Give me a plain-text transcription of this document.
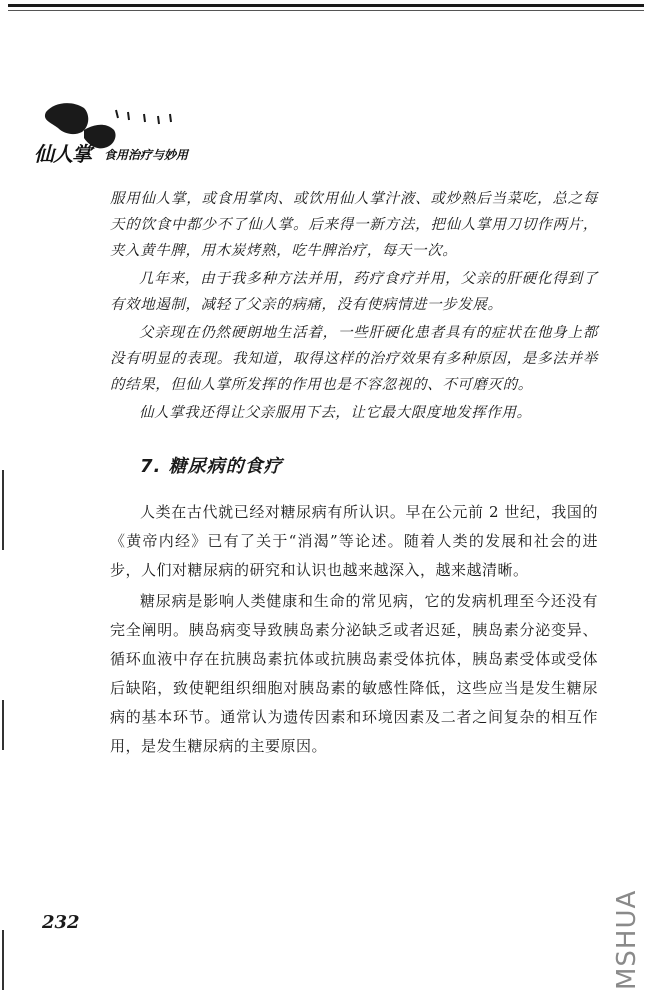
仙人掌 食用治疗与妙用

服用仙人掌，或食用掌肉、或饮用仙人掌汁液、或炒熟后当菜吃，总之每天的饮食中都少不了仙人掌。后来得一新方法，把仙人掌用刀切作两片，夹入黄牛脾，用木炭烤熟，吃牛脾治疗，每天一次。

几年来，由于我多种方法并用，药疗食疗并用，父亲的肝硬化得到了有效地遏制，减轻了父亲的病痛，没有使病情进一步发展。

父亲现在仍然硬朗地生活着，一些肝硬化患者具有的症状在他身上都没有明显的表现。我知道，取得这样的治疗效果有多种原因，是多法并举的结果，但仙人掌所发挥的作用也是不容忽视的、不可磨灭的。

仙人掌我还得让父亲服用下去，让它最大限度地发挥作用。

7. 糖尿病的食疗

人类在古代就已经对糖尿病有所认识。早在公元前 2 世纪，我国的《黄帝内经》已有了关于“消渴”等论述。随着人类的发展和社会的进步，人们对糖尿病的研究和认识也越来越深入，越来越清晰。

糖尿病是影响人类健康和生命的常见病，它的发病机理至今还没有完全阐明。胰岛病变导致胰岛素分泌缺乏或者迟延，胰岛素分泌变异、循环血液中存在抗胰岛素抗体或抗胰岛素受体抗体，胰岛素受体或受体后缺陷，致使靶组织细胞对胰岛素的敏感性降低，这些应当是发生糖尿病的基本环节。通常认为遗传因素和环境因素及二者之间复杂的相互作用，是发生糖尿病的主要原因。

232	MSHUA
